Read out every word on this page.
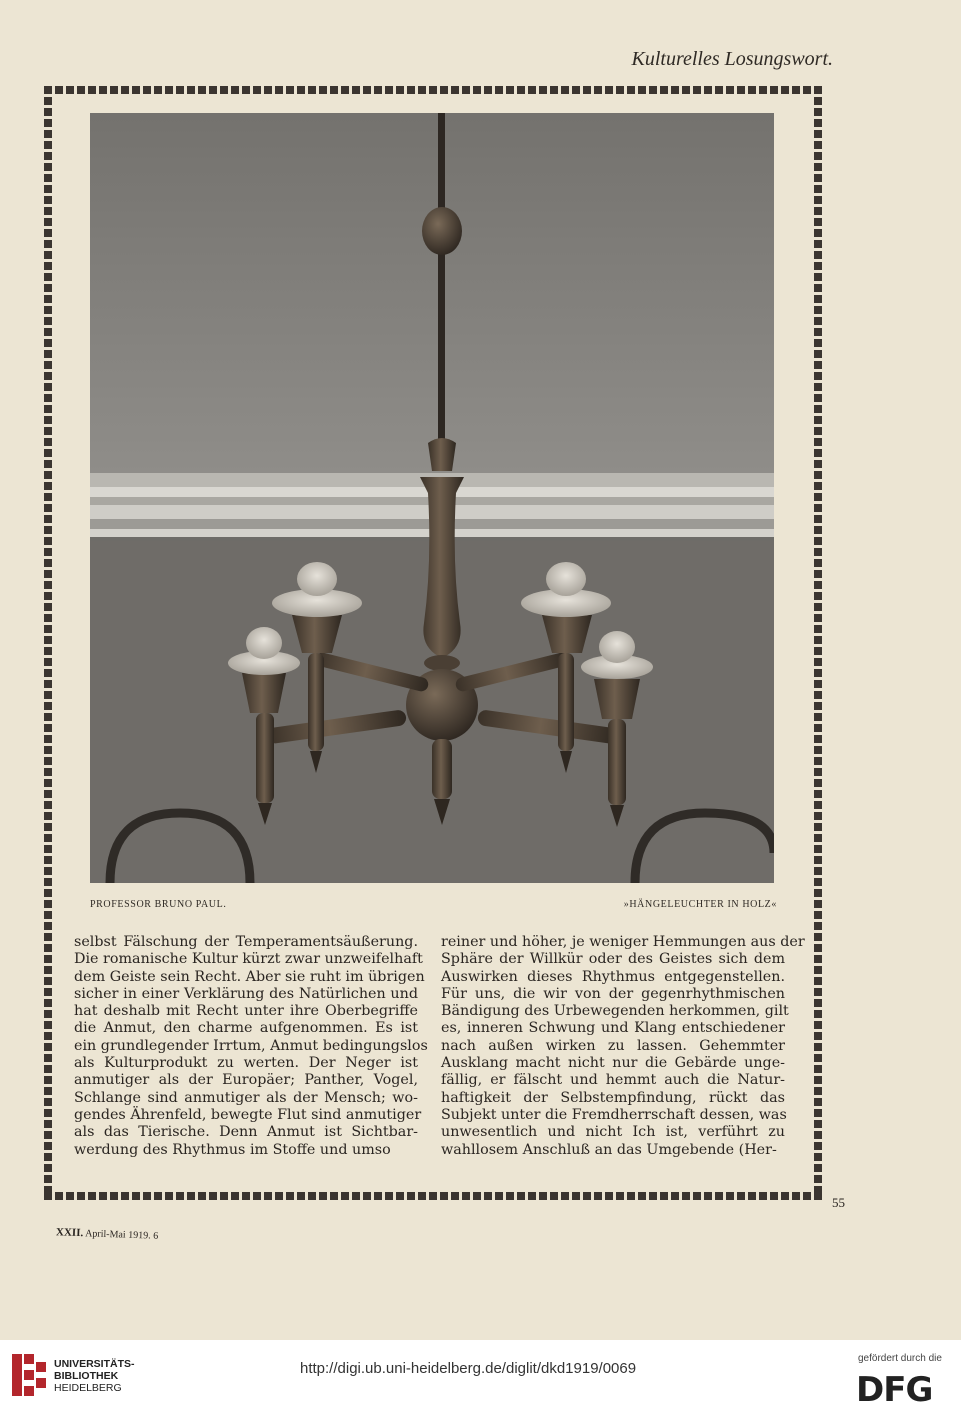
Kulturelles Losungswort.
PROFESSOR BRUNO PAUL.	»HÄNGELEUCHTER IN HOLZ«

selbst Fälschung der Temperamentsäußerung.
Die romanische Kultur kürzt zwar unzweifelhaft
dem Geiste sein Recht. Aber sie ruht im übrigen
sicher in einer Verklärung des Natürlichen und
hat deshalb mit Recht unter ihre Oberbegriffe
die Anmut, den charme aufgenommen. Es ist
ein grundlegender Irrtum, Anmut bedingungslos
als Kulturprodukt zu werten. Der Neger ist
anmutiger als der Europäer; Panther, Vogel,
Schlange sind anmutiger als der Mensch; wo-
gendes Ährenfeld, bewegte Flut sind anmutiger
als das Tierische. Denn Anmut ist Sichtbar-
werdung des Rhythmus im Stoffe und umso

reiner und höher, je weniger Hemmungen aus der
Sphäre der Willkür oder des Geistes sich dem
Auswirken dieses Rhythmus entgegenstellen.
Für uns, die wir von der gegenrhythmischen
Bändigung des Urbewegenden herkommen, gilt
es, inneren Schwung und Klang entschiedener
nach außen wirken zu lassen. Gehemmter
Ausklang macht nicht nur die Gebärde unge-
fällig, er fälscht und hemmt auch die Natur-
haftigkeit der Selbstempfindung, rückt das
Subjekt unter die Fremdherrschaft dessen, was
unwesentlich und nicht Ich ist, verführt zu
wahllosem Anschluß an das Umgebende (Her-

55
XXII. April-Mai 1919. 6
UNIVERSITÄTS-
BIBLIOTHEK
HEIDELBERG
http://digi.ub.uni-heidelberg.de/diglit/dkd1919/0069
gefördert durch die
DFG
